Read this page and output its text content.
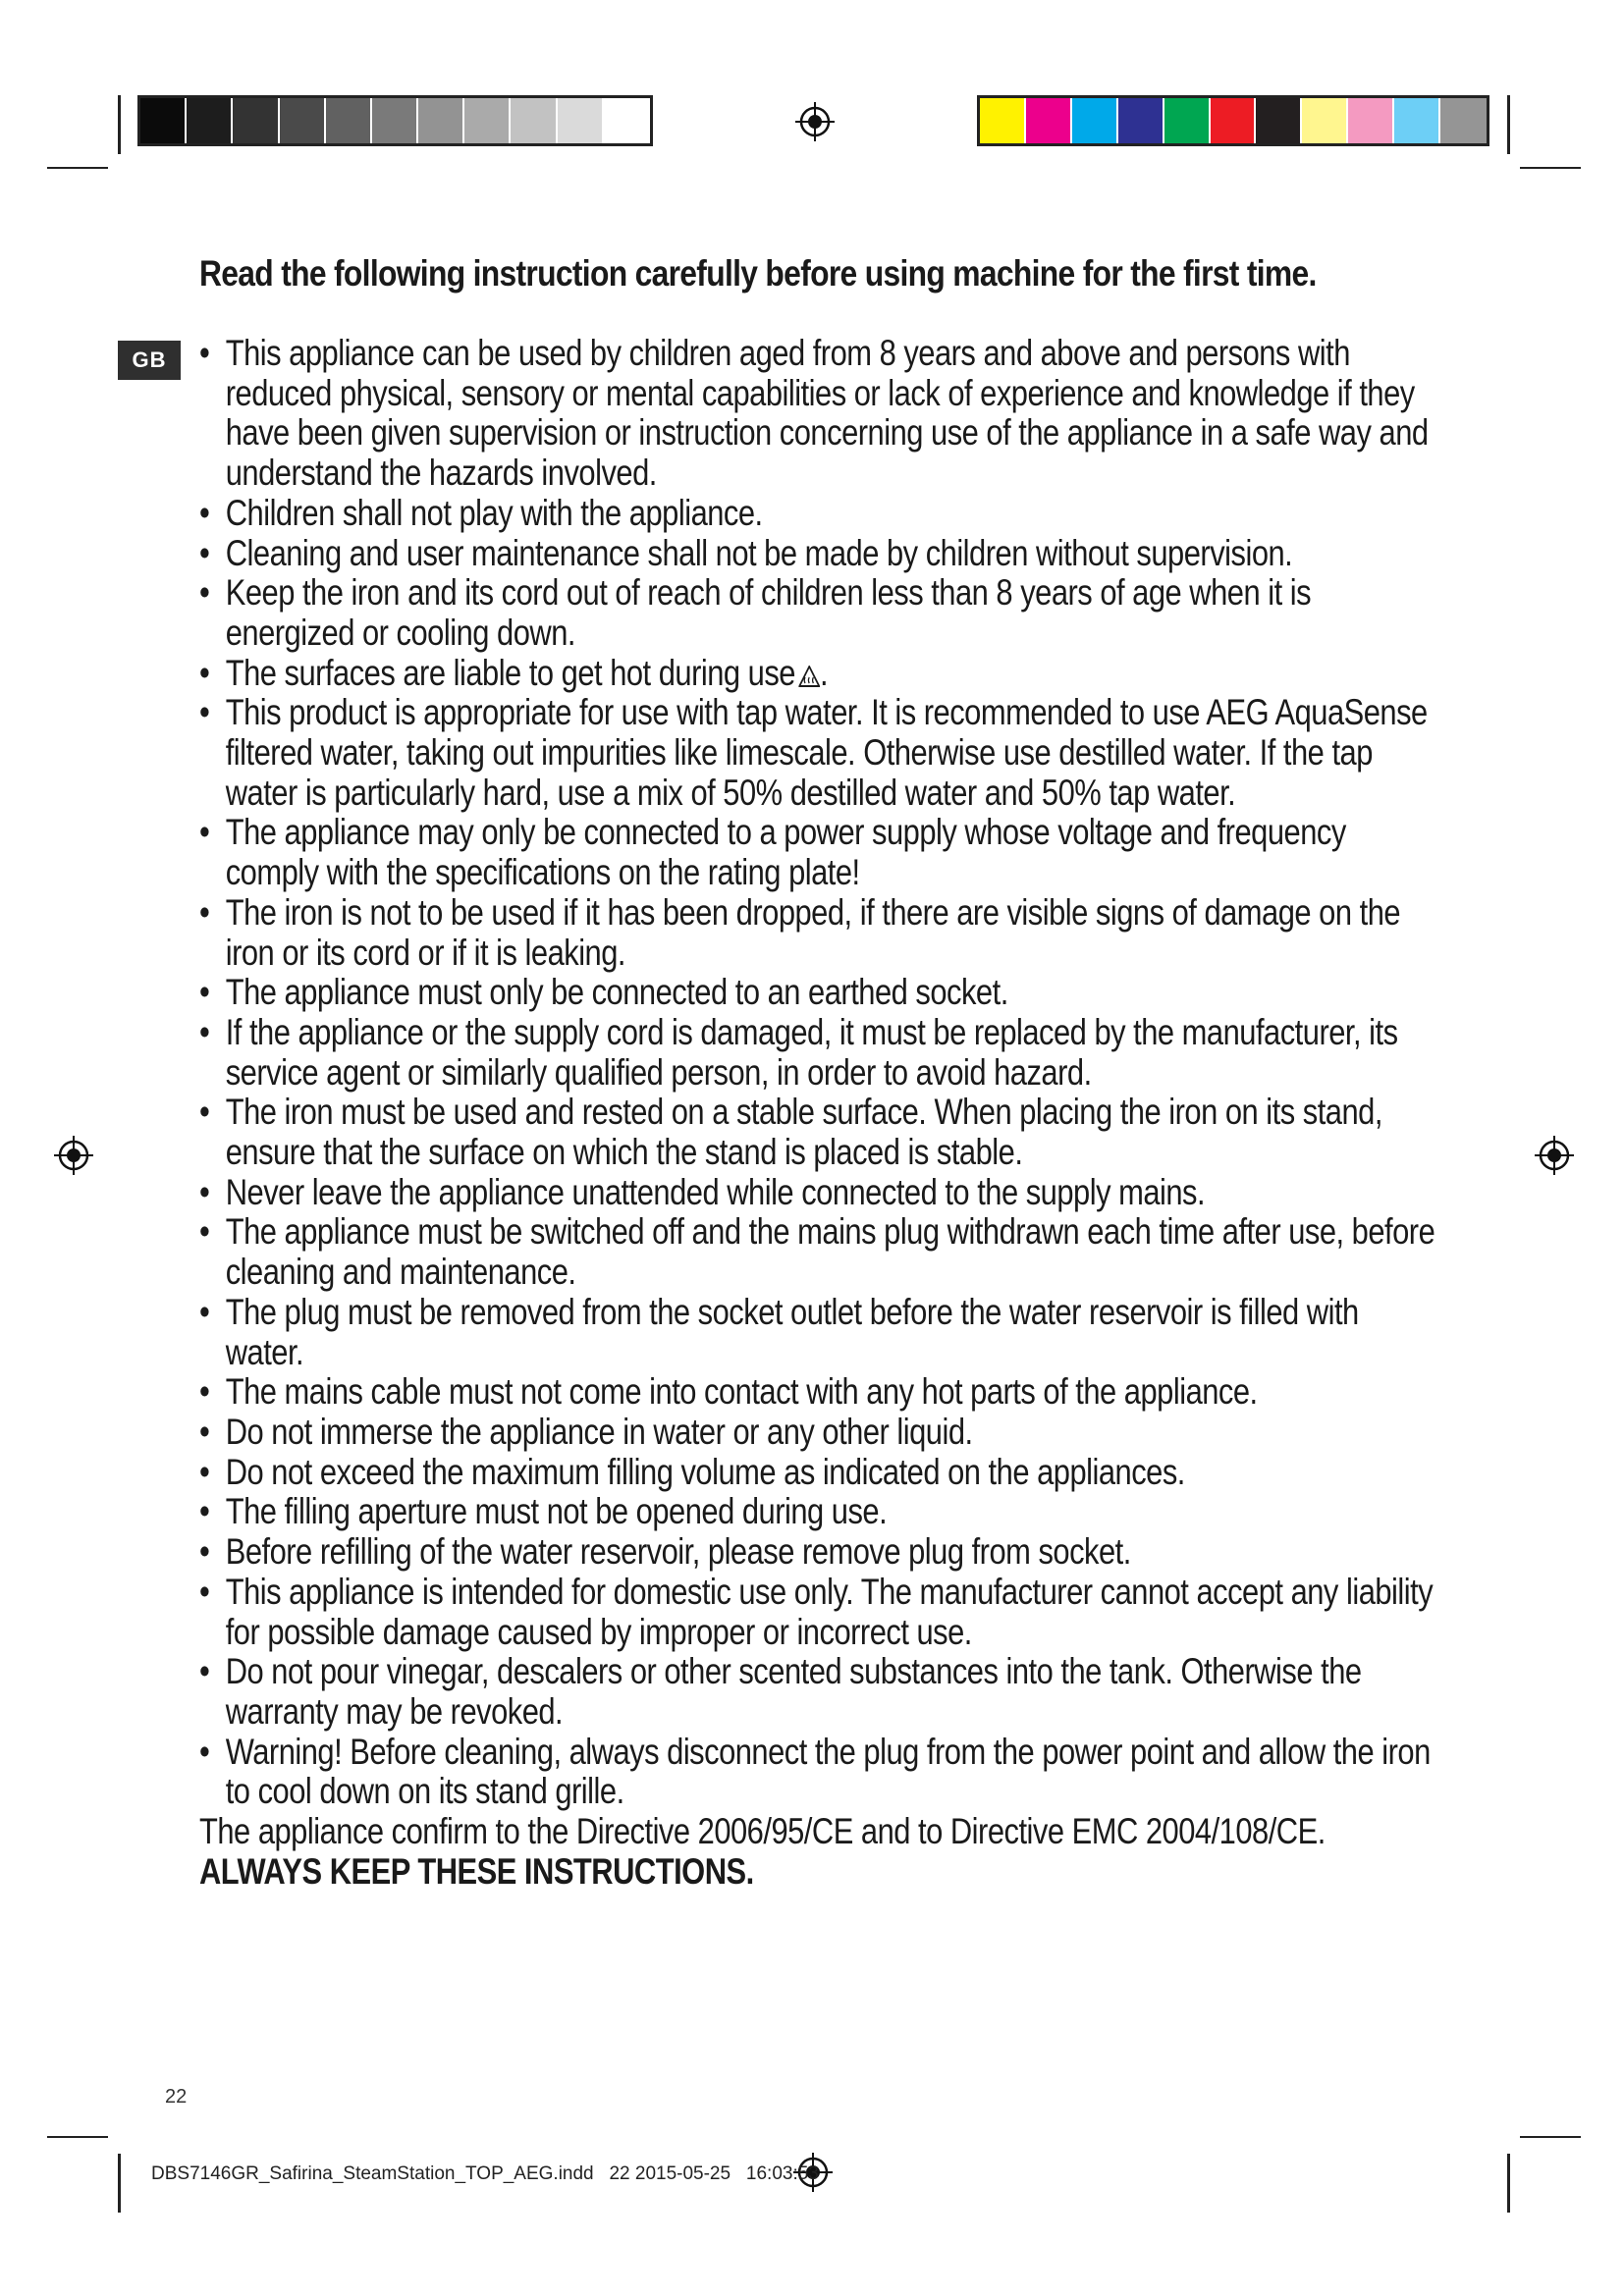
GB
Read the following instruction carefully before using machine for the first time.
• This appliance can be used by children aged from 8 years and above and persons with reduced physical, sensory or mental capabilities or lack of experience and knowledge if they have been given supervision or instruction concerning use of the appliance in a safe way and understand the hazards involved.
• Children shall not play with the appliance.
• Cleaning and user maintenance shall not be made by children without supervision.
• Keep the iron and its cord out of reach of children less than 8 years of age when it is energized or cooling down.
• The surfaces are liable to get hot during use .
• This product is appropriate for use with tap water. It is recommended to use AEG AquaSense filtered water, taking out impurities like limescale. Otherwise use destilled water. If the tap water is particularly hard, use a mix of 50% destilled water and 50% tap water.
• The appliance may only be connected to a power supply whose voltage and frequency comply with the specifications on the rating plate!
• The iron is not to be used if it has been dropped, if there are visible signs of damage on the iron or its cord or if it is leaking.
• The appliance must only be connected to an earthed socket.
• If the appliance or the supply cord is damaged, it must be replaced by the manufacturer, its service agent or similarly qualified person, in order to avoid hazard.
• The iron must be used and rested on a stable surface. When placing the iron on its stand, ensure that the surface on which the stand is placed is stable.
• Never leave the appliance unattended while connected to the supply mains.
• The appliance must be switched off and the mains plug withdrawn each time after use, before cleaning and maintenance.
• The plug must be removed from the socket outlet before the water reservoir is filled with water.
• The mains cable must not come into contact with any hot parts of the appliance.
• Do not immerse the appliance in water or any other liquid.
• Do not exceed the maximum filling volume as indicated on the appliances.
• The filling aperture must not be opened during use.
• Before refilling of the water reservoir, please remove plug from socket.
• This appliance is intended for domestic use only. The manufacturer cannot accept any liability for possible damage caused by improper or incorrect use.
• Do not pour vinegar, descalers or other scented substances into the tank. Otherwise the warranty may be revoked.
• Warning! Before cleaning, always disconnect the plug from the power point and allow the iron to cool down on its stand grille.

The appliance confirm to the Directive 2006/95/CE and to Directive EMC 2004/108/CE.

ALWAYS KEEP THESE INSTRUCTIONS.

22
DBS7146GR_Safirina_SteamStation_TOP_AEG.indd   22 2015-05-25   16:03:53
